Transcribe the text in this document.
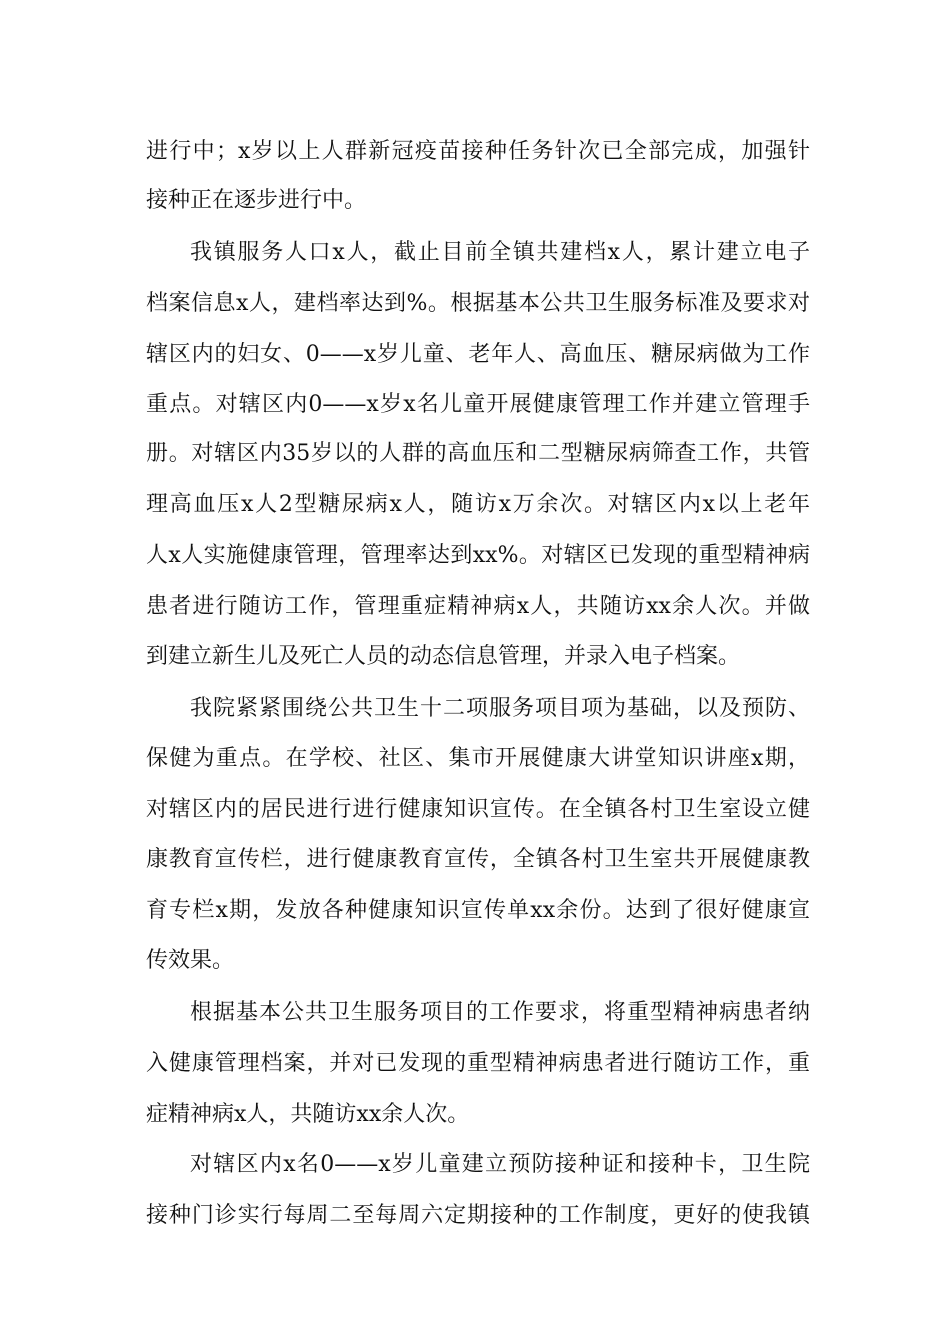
进行中；x岁以上人群新冠疫苗接种任务针次已全部完成，加强针
接种正在逐步进行中。
我镇服务人口x人，截止目前全镇共建档x人，累计建立电子
档案信息x人，建档率达到%。根据基本公共卫生服务标准及要求对
辖区内的妇女、0——x岁儿童、老年人、高血压、糖尿病做为工作
重点。对辖区内0——x岁x名儿童开展健康管理工作并建立管理手
册。对辖区内35岁以的人群的高血压和二型糖尿病筛查工作，共管
理高血压x人2型糖尿病x人，随访x万余次。对辖区内x以上老年
人x人实施健康管理，管理率达到xx%。对辖区已发现的重型精神病
患者进行随访工作，管理重症精神病x人，共随访xx余人次。并做
到建立新生儿及死亡人员的动态信息管理，并录入电子档案。
我院紧紧围绕公共卫生十二项服务项目项为基础，以及预防、
保健为重点。在学校、社区、集市开展健康大讲堂知识讲座x期，
对辖区内的居民进行进行健康知识宣传。在全镇各村卫生室设立健
康教育宣传栏，进行健康教育宣传，全镇各村卫生室共开展健康教
育专栏x期，发放各种健康知识宣传单xx余份。达到了很好健康宣
传效果。
根据基本公共卫生服务项目的工作要求，将重型精神病患者纳
入健康管理档案，并对已发现的重型精神病患者进行随访工作，重
症精神病x人，共随访xx余人次。
对辖区内x名0——x岁儿童建立预防接种证和接种卡，卫生院
接种门诊实行每周二至每周六定期接种的工作制度，更好的使我镇
